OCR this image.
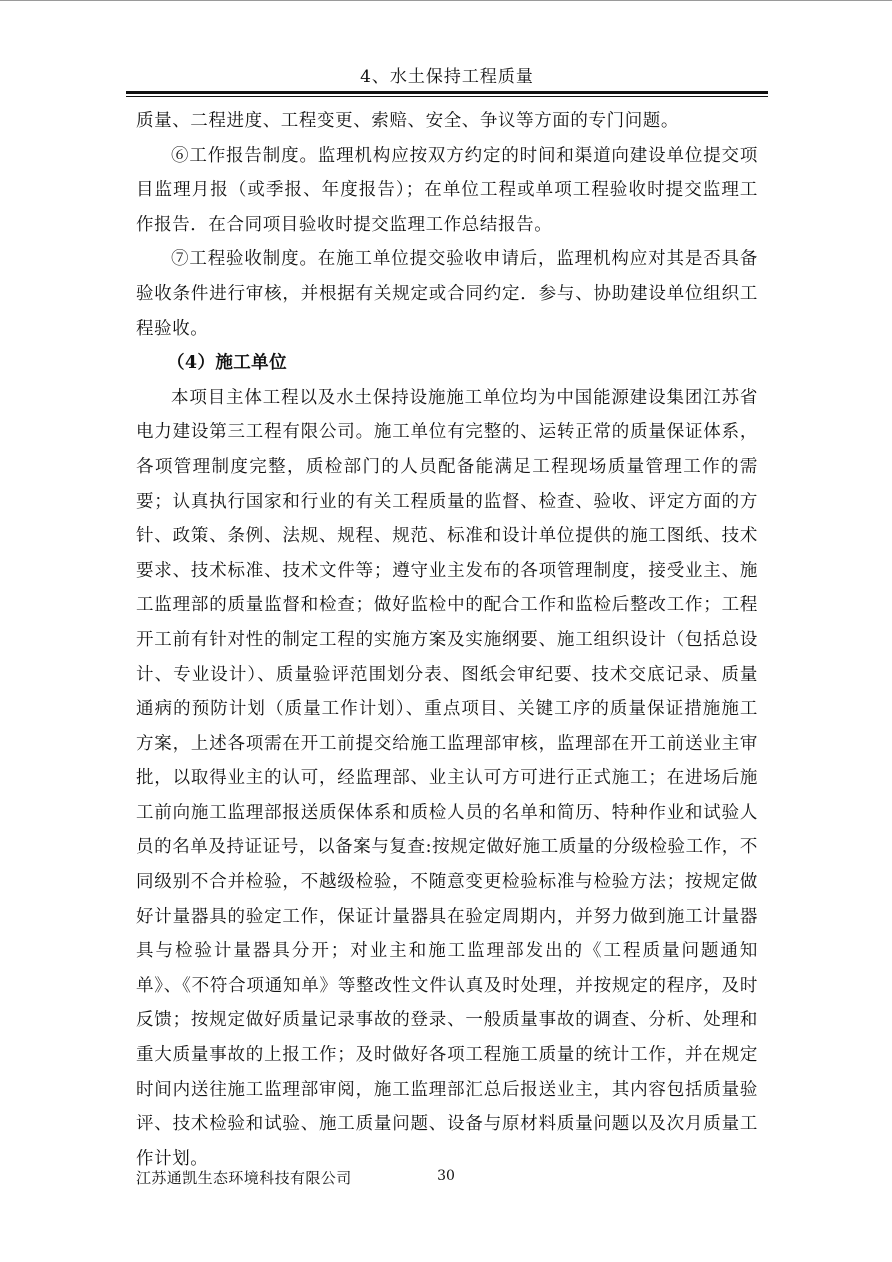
4、水土保持工程质量

质量、二程进度、工程变更、索赔、安全、争议等方面的专门问题。

⑥工作报告制度。监理机构应按双方约定的时间和渠道向建设单位提交项目监理月报（或季报、年度报告）；在单位工程或单项工程验收时提交监理工作报告．在合同项目验收时提交监理工作总结报告。

⑦工程验收制度。在施工单位提交验收申请后，监理机构应对其是否具备验收条件进行审核，并根据有关规定或合同约定．参与、协助建设单位组织工程验收。

（4）施工单位

本项目主体工程以及水土保持设施施工单位均为中国能源建设集团江苏省电力建设第三工程有限公司。施工单位有完整的、运转正常的质量保证体系，各项管理制度完整，质检部门的人员配备能满足工程现场质量管理工作的需要；认真执行国家和行业的有关工程质量的监督、检查、验收、评定方面的方针、政策、条例、法规、规程、规范、标准和设计单位提供的施工图纸、技术要求、技术标准、技术文件等；遵守业主发布的各项管理制度，接受业主、施工监理部的质量监督和检查；做好监检中的配合工作和监检后整改工作；工程开工前有针对性的制定工程的实施方案及实施纲要、施工组织设计（包括总设计、专业设计）、质量验评范围划分表、图纸会审纪要、技术交底记录、质量通病的预防计划（质量工作计划）、重点项目、关键工序的质量保证措施施工方案，上述各项需在开工前提交给施工监理部审核，监理部在开工前送业主审批，以取得业主的认可，经监理部、业主认可方可进行正式施工；在进场后施工前向施工监理部报送质保体系和质检人员的名单和简历、特种作业和试验人员的名单及持证证号，以备案与复查:按规定做好施工质量的分级检验工作，不同级别不合并检验，不越级检验，不随意变更检验标准与检验方法；按规定做好计量器具的验定工作，保证计量器具在验定周期内，并努力做到施工计量器具与检验计量器具分开；对业主和施工监理部发出的《工程质量问题通知单》、《不符合项通知单》等整改性文件认真及时处理，并按规定的程序，及时反馈；按规定做好质量记录事故的登录、一般质量事故的调查、分析、处理和重大质量事故的上报工作；及时做好各项工程施工质量的统计工作，并在规定时间内送往施工监理部审阅，施工监理部汇总后报送业主，其内容包括质量验评、技术检验和试验、施工质量问题、设备与原材料质量问题以及次月质量工作计划。

江苏通凯生态环境科技有限公司	30
